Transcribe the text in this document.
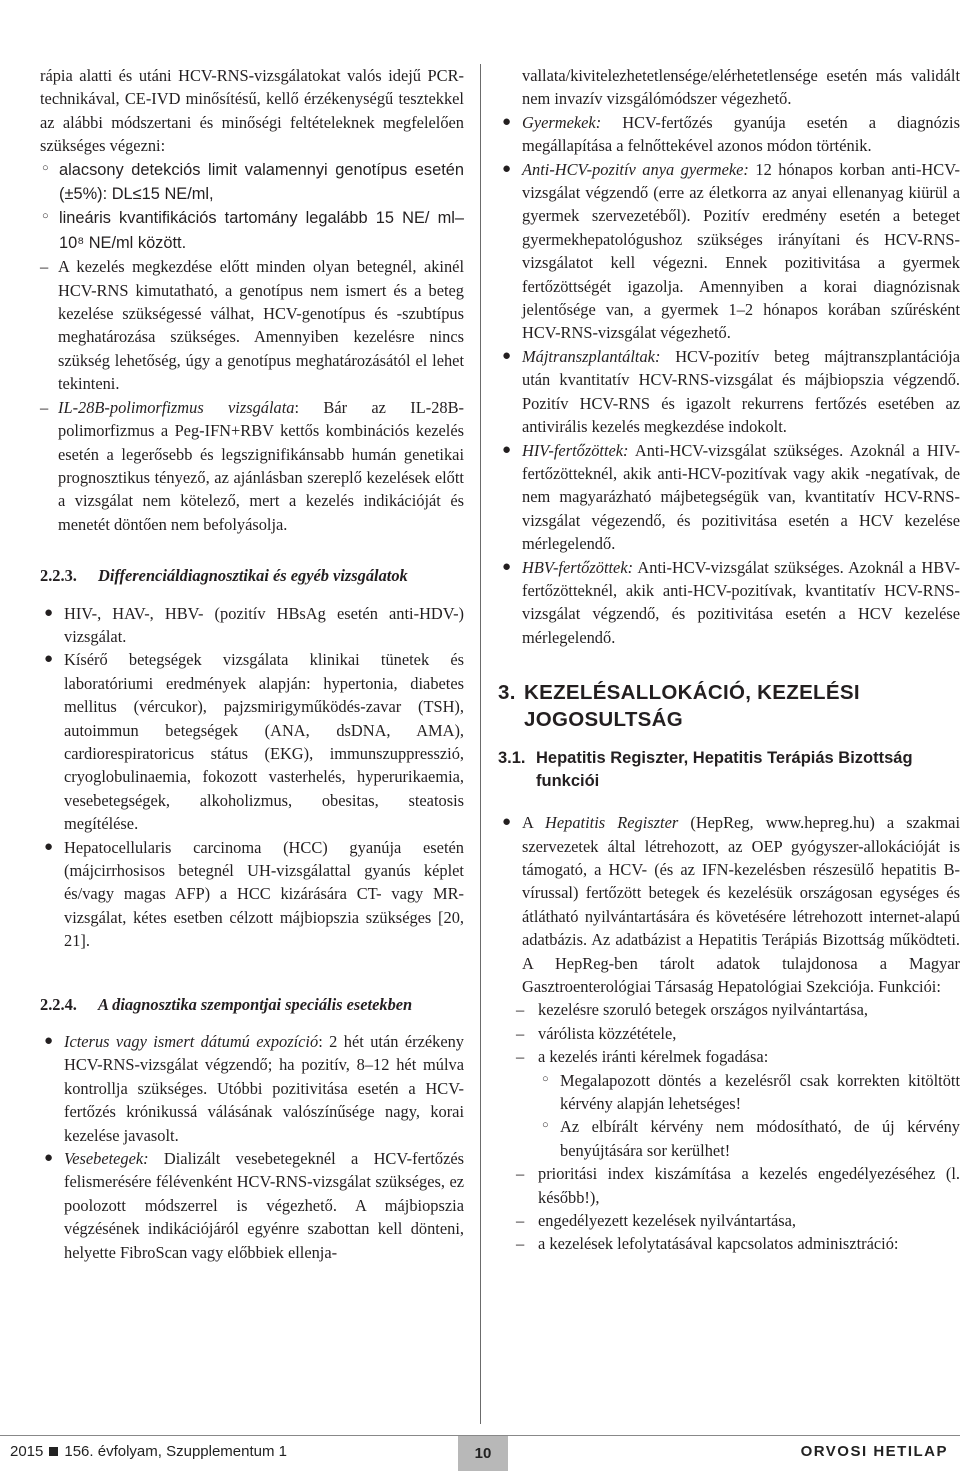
rápia alatti és utáni HCV-RNS-vizsgálatokat valós idejű PCR-technikával, CE-IVD minősítésű, kellő érzékenységű tesztekkel az alábbi módszertani és minőségi feltételeknek megfelelően szükséges végezni:

○ alacsony detekciós limit valamennyi genotípus esetén (±5%): DL≤15 NE/ml,
○ lineáris kvantifikációs tartomány legalább 15 NE/ ml–10⁸ NE/ml között.
– A kezelés megkezdése előtt minden olyan betegnél, akinél HCV-RNS kimutatható, a genotípus nem ismert és a beteg kezelése szükségessé válhat, HCV-genotípus és -szubtípus meghatározása szükséges. Amennyiben kezelésre nincs szükség lehetőség, úgy a genotípus meghatározásától el lehet tekinteni.
– IL-28B-polimorfizmus vizsgálata: Bár az IL-28B-polimorfizmus a Peg-IFN+RBV kettős kombinációs kezelés esetén a legerősebb és legszignifikánsabb humán genetikai prognosztikus tényező, az ajánlásban szereplő kezelések előtt a vizsgálat nem kötelező, mert a kezelés indikációját és menetét döntően nem befolyásolja.
2.2.3. Differenciáldiagnosztikai és egyéb vizsgálatok
● HIV-, HAV-, HBV- (pozitív HBsAg esetén anti-HDV-) vizsgálat.
● Kísérő betegségek vizsgálata klinikai tünetek és laboratóriumi eredmények alapján: hypertonia, diabetes mellitus (vércukor), pajzsmirigyműködés-zavar (TSH), autoimmun betegségek (ANA, dsDNA, AMA), cardiorespiratoricus státus (EKG), immunszuppresszió, cryoglobulinaemia, fokozott vasterhelés, hyperurikaemia, vesebetegségek, alkoholizmus, obesitas, steatosis megítélése.
● Hepatocellularis carcinoma (HCC) gyanúja esetén (májcirrhosisos betegnél UH-vizsgálattal gyanús képlet és/vagy magas AFP) a HCC kizárására CT- vagy MR-vizsgálat, kétes esetben célzott májbiopszia szükséges [20, 21].
2.2.4. A diagnosztika szempontjai speciális esetekben
● Icterus vagy ismert dátumú expozíció: 2 hét után érzékeny HCV-RNS-vizsgálat végzendő; ha pozitív, 8–12 hét múlva kontrollja szükséges. Utóbbi pozitivitása esetén a HCV-fertőzés krónikussá válásának valószínűsége nagy, korai kezelése javasolt.
● Vesebetegek: Dializált vesebetegeknél a HCV-fertőzés felismerésére félévenként HCV-RNS-vizsgálat szükséges, ez poolozott módszerrel is végezhető. A májbiopszia végzésének indikációjáról egyénre szabottan kell dönteni, helyette FibroScan vagy előbbiek ellenja-
vallata/kivitelezhetetlensége/elérhetetlensége esetén más validált nem invazív vizsgálómódszer végezhető.
● Gyermekek: HCV-fertőzés gyanúja esetén a diagnózis megállapítása a felnőttekével azonos módon történik.
● Anti-HCV-pozitív anya gyermeke: 12 hónapos korban anti-HCV-vizsgálat végzendő (erre az életkorra az anyai ellenanyag kiürül a gyermek szervezetéből). Pozitív eredmény esetén a beteget gyermekhepatológushoz szükséges irányítani és HCV-RNS-vizsgálatot kell végezni. Ennek pozitivitása a gyermek fertőzöttségét igazolja. Amennyiben a korai diagnózisnak jelentősége van, a gyermek 1–2 hónapos korában szűrésként HCV-RNS-vizsgálat végezhető.
● Májtranszplantáltak: HCV-pozitív beteg májtranszplantációja után kvantitatív HCV-RNS-vizsgálat és májbiopszia végzendő. Pozitív HCV-RNS és igazolt rekurrens fertőzés esetében az antivirális kezelés megkezdése indokolt.
● HIV-fertőzöttek: Anti-HCV-vizsgálat szükséges. Azoknál a HIV-fertőzötteknél, akik anti-HCV-pozitívak vagy akik -negatívak, de nem magyarázható májbetegségük van, kvantitatív HCV-RNS-vizsgálat végezendő, és pozitivitása esetén a HCV kezelése mérlegelendő.
● HBV-fertőzöttek: Anti-HCV-vizsgálat szükséges. Azoknál a HBV-fertőzötteknél, akik anti-HCV-pozitívak, kvantitatív HCV-RNS-vizsgálat végzendő, és pozitivitása esetén a HCV kezelése mérlegelendő.
3. KEZELÉSALLOKÁCIÓ, KEZELÉSI JOGOSULTSÁG
3.1. Hepatitis Regiszter, Hepatitis Terápiás Bizottság funkciói
● A Hepatitis Regiszter (HepReg, www.hepreg.hu) a szakmai szervezetek által létrehozott, az OEP gyógyszer-allokációját is támogató, a HCV- (és az IFN-kezelésben részesülő hepatitis B-vírussal) fertőzött betegek és kezelésük országosan egységes és átlátható nyilvántartására és követésére létrehozott internet-alapú adatbázis. Az adatbázist a Hepatitis Terápiás Bizottság működteti. A HepReg-ben tárolt adatok tulajdonosa a Magyar Gasztroenterológiai Társaság Hepatológiai Szekciója. Funkciói:
– kezelésre szoruló betegek országos nyilvántartása,
– várólista közzététele,
– a kezelés iránti kérelmek fogadása:
○ Megalapozott döntés a kezelésről csak korrekten kitöltött kérvény alapján lehetséges!
○ Az elbírált kérvény nem módosítható, de új kérvény benyújtására sor kerülhet!
– prioritási index kiszámítása a kezelés engedélyezéséhez (l. később!),
– engedélyezett kezelések nyilvántartása,
– a kezelések lefolytatásával kapcsolatos adminisztráció:
2015 156. évfolyam, Szupplementum 1	10	ORVOSI HETILAP
